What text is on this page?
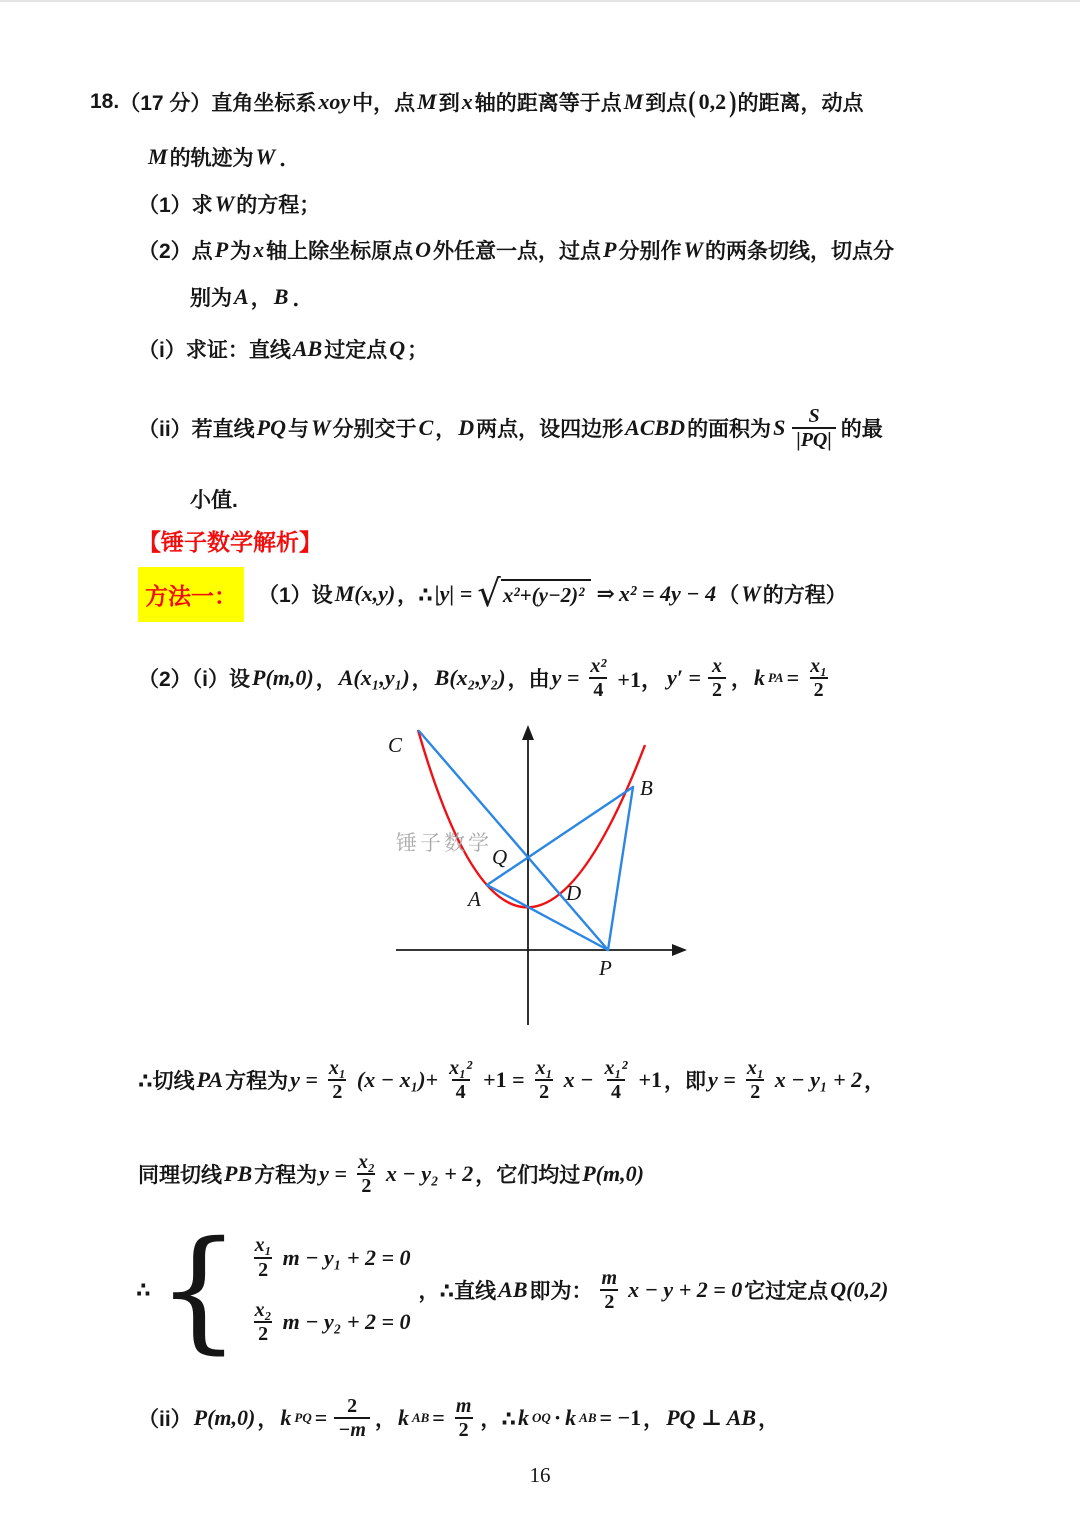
18. （17 分） 直角坐标系 xoy 中，点 M 到 x 轴的距离等于点 M 到点 ( 0,2 ) 的距离，动点
M 的轨迹为 W ．
（1）求 W 的方程；
（2）点 P 为 x 轴上除坐标原点 O 外任意一点，过点 P 分别作 W 的两条切线，切点分
别为 A ， B ．
（i）求证：直线 AB 过定点 Q ；
（ii）若直线 PQ 与 W 分别交于 C ， D 两点，设四边形 ACBD 的面积为 S $\frac{S}{|PQ|}$ 的最
小值.
【锤子数学解析】
方法一：	（1）设 M(x,y) ，∴ |y| = √ x²+(y−2)² ⇒ x² = 4y − 4 （ W 的方程）
（2）（i）设 P(m,0) ， A(x₁,y₁) ， B(x₂,y₂) ，由 $y = \frac{\text{x²}}{4} +1$， $y' = \frac{x}{2}$ ， k PA = $\frac{\text{x₁}}{2}$
锤子数学
C
B
Q
A	D
P
∴切线 PA 方程为 $y = \frac{\text{x₁}}{2} (x - x_1)+ \frac{\text{x₁²}}{4} +1 = \frac{\text{x₁}}{2}$ $x - \frac{\text{x₁²}}{4} +1$ ，即 $y = \frac{\text{x₁}}{2}$ x − y₁ + 2 ，
同理切线 PB 方程为 $y = \frac{\text{x₂}}{2}$ x − y₂ + 2 ，它们均过 P(m,0)
∴
{
$\frac{\text{x₁}}{2}$ m − y₁ + 2 = 0
$\frac{\text{x₂}}{2}$ m − y₂ + 2 = 0
， ∴直线 AB 即为： $\frac{m}{2}$ x − y + 2 = 0 它过定点 Q(0,2)
（ii） P(m,0) ， k PQ = $\frac{2}{-m}$ ， k AB = $\frac{m}{2}$ ，∴ k OQ · k AB = −1 ， PQ ⊥ AB ，
16
